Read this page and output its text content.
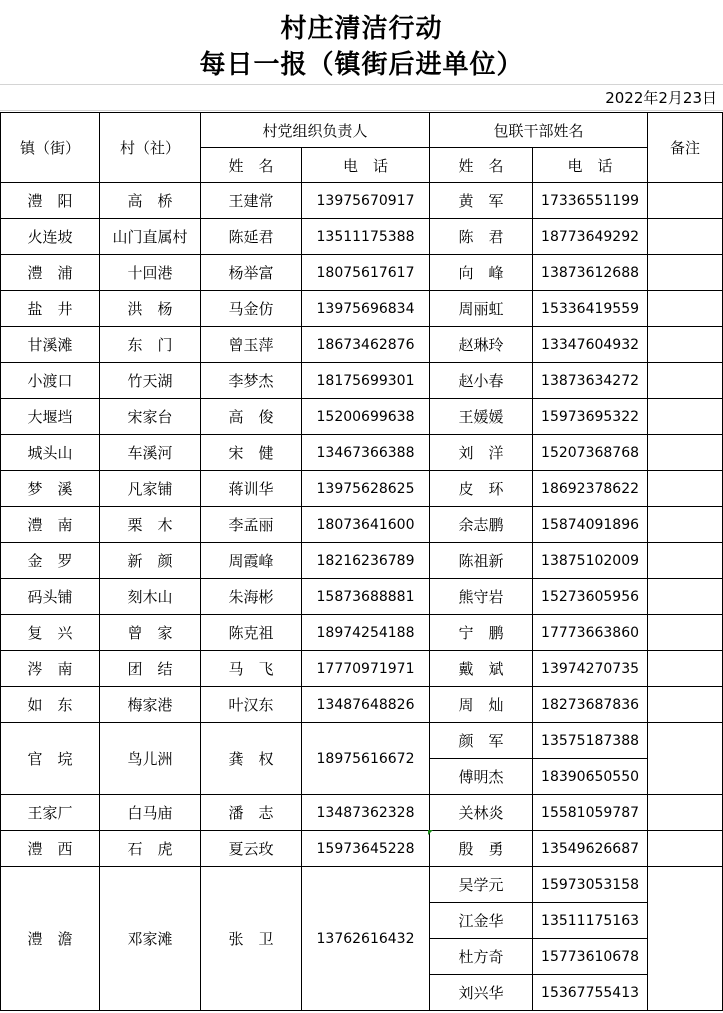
村庄清洁行动
每日一报（镇街后进单位）
2022年2月23日
镇（街）	村（社）	村党组织负责人		包联干部姓名		备注
		姓　名	电　话	姓　名	电　话	
澧　阳	高　桥	王建常	13975670917	黄　军	17336551199	
火连坡	山门直属村	陈延君	13511175388	陈　君	18773649292	
澧　浦	十回港	杨举富	18075617617	向　峰	13873612688	
盐　井	洪　杨	马金仿	13975696834	周丽虹	15336419559	
甘溪滩	东　门	曾玉萍	18673462876	赵琳玲	13347604932	
小渡口	竹天湖	李梦杰	18175699301	赵小春	13873634272	
大堰垱	宋家台	高　俊	15200699638	王媛媛	15973695322	
城头山	车溪河	宋　健	13467366388	刘　洋	15207368768	
梦　溪	凡家铺	蒋训华	13975628625	皮　环	18692378622	
澧　南	栗　木	李孟丽	18073641600	余志鹏	15874091896	
金　罗	新　颜	周霞峰	18216236789	陈祖新	13875102009	
码头铺	刻木山	朱海彬	15873688881	熊守岩	15273605956	
复　兴	曾　家	陈克祖	18974254188	宁　鹏	17773663860	
涔　南	团　结	马　飞	17770971971	戴　斌	13974270735	
如　东	梅家港	叶汉东	13487648826	周　灿	18273687836	
官　垸	鸟儿洲	龚　权	18975616672	颜　军	13575187388	
				傅明杰	18390650550	
王家厂	白马庙	潘　志	13487362328	关林炎	15581059787	
澧　西	石　虎	夏云玫	15973645228	殷　勇	13549626687	
澧　澹	邓家滩	张　卫	13762616432	吴学元	15973053158	
				江金华	13511175163	
				杜方奇	15773610678	
				刘兴华	15367755413	
